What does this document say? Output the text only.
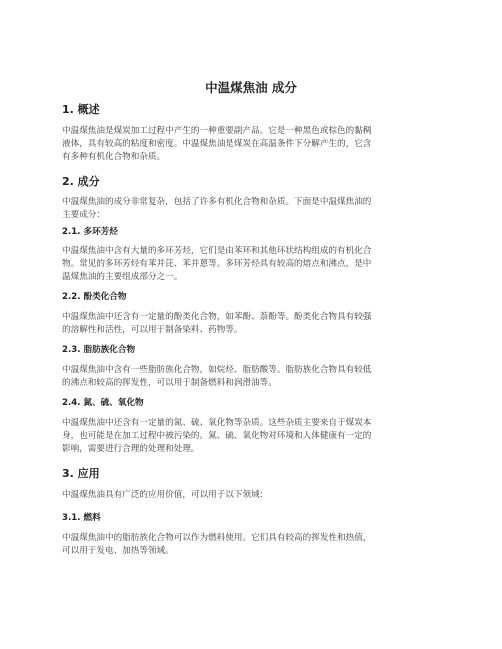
中温煤焦油 成分
1. 概述

中温煤焦油是煤炭加工过程中产生的一种重要副产品。它是一种黑色或棕色的黏稠
液体，具有较高的粘度和密度。中温煤焦油是煤炭在高温条件下分解产生的，它含
有多种有机化合物和杂质。

2. 成分

中温煤焦油的成分非常复杂，包括了许多有机化合物和杂质。下面是中温煤焦油的
主要成分：

2.1. 多环芳烃

中温煤焦油中含有大量的多环芳烃，它们是由苯环和其他环状结构组成的有机化合
物。常见的多环芳烃有苯并芘、苯并蒽等。多环芳烃具有较高的熔点和沸点，是中
温煤焦油的主要组成部分之一。

2.2. 酚类化合物

中温煤焦油中还含有一定量的酚类化合物，如苯酚、萘酚等。酚类化合物具有较强
的溶解性和活性，可以用于制备染料、药物等。

2.3. 脂肪族化合物

中温煤焦油中含有一些脂肪族化合物，如烷烃、脂肪酸等。脂肪族化合物具有较低
的沸点和较高的挥发性，可以用于制备燃料和润滑油等。

2.4. 氮、硫、氧化物

中温煤焦油中还含有一定量的氮、硫、氧化物等杂质。这些杂质主要来自于煤炭本
身，也可能是在加工过程中被污染的。氮、硫、氧化物对环境和人体健康有一定的
影响，需要进行合理的处理和处理。

3. 应用

中温煤焦油具有广泛的应用价值，可以用于以下领域：

3.1. 燃料

中温煤焦油中的脂肪族化合物可以作为燃料使用。它们具有较高的挥发性和热值，
可以用于发电、加热等领域。
